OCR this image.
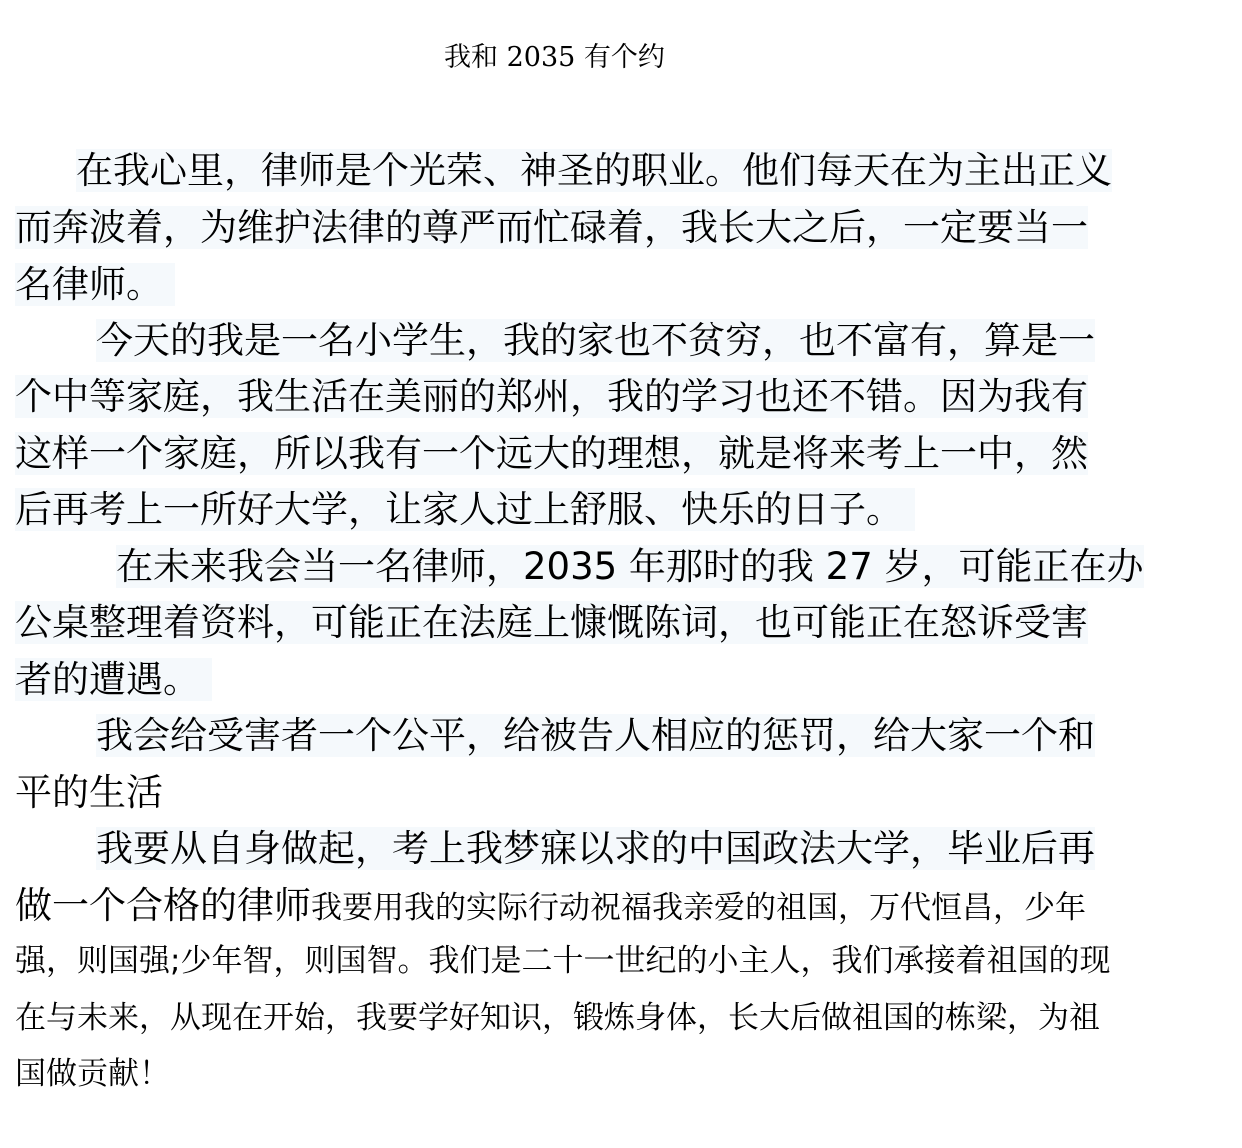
我和 2035 有个约
在我心里，律师是个光荣、神圣的职业。他们每天在为主出正义
而奔波着，为维护法律的尊严而忙碌着，我长大之后，一定要当一
名律师。
今天的我是一名小学生，我的家也不贫穷，也不富有，算是一
个中等家庭，我生活在美丽的郑州，我的学习也还不错。因为我有
这样一个家庭，所以我有一个远大的理想，就是将来考上一中，然
后再考上一所好大学，让家人过上舒服、快乐的日子。
在未来我会当一名律师，2035 年那时的我 27 岁，可能正在办
公桌整理着资料，可能正在法庭上慷慨陈词，也可能正在怒诉受害
者的遭遇。
我会给受害者一个公平，给被告人相应的惩罚，给大家一个和
平的生活
我要从自身做起，考上我梦寐以求的中国政法大学，毕业后再
做一个合格的律师我要用我的实际行动祝福我亲爱的祖国，万代恒昌，少年
强，则国强;少年智，则国智。我们是二十一世纪的小主人，我们承接着祖国的现
在与未来，从现在开始，我要学好知识，锻炼身体，长大后做祖国的栋梁，为祖
国做贡献！
